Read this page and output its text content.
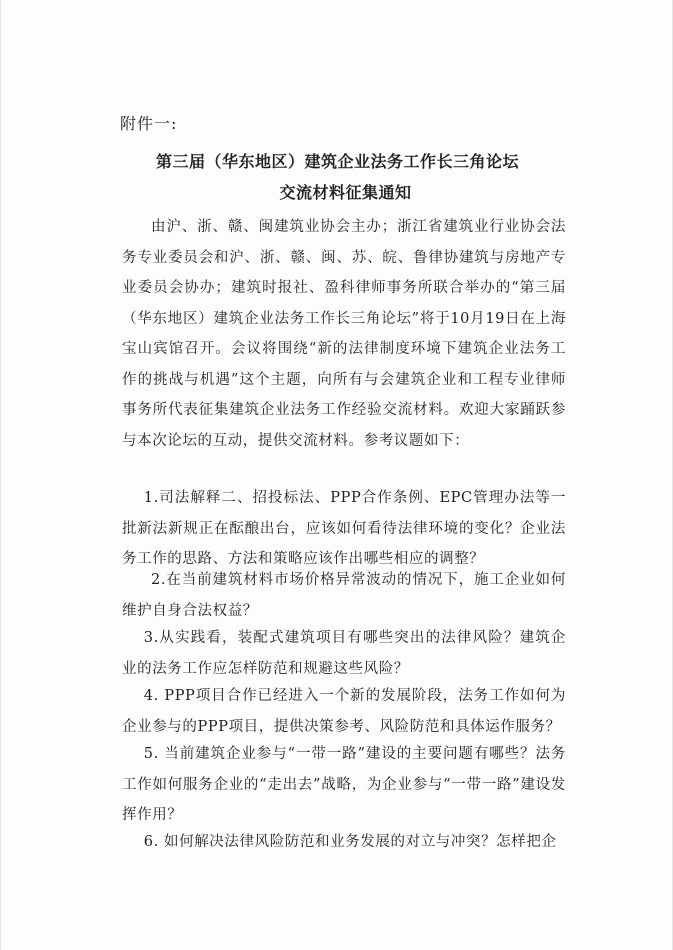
附件一:
第三届（华东地区）建筑企业法务工作长三角论坛
交流材料征集通知

由沪、浙、赣、闽建筑业协会主办；浙江省建筑业行业协会法务专业委员会和沪、浙、赣、闽、苏、皖、鲁律协建筑与房地产专业委员会协办；建筑时报社、盈科律师事务所联合举办的“第三届（华东地区）建筑企业法务工作长三角论坛”将于10月19日在上海宝山宾馆召开。会议将围绕“新的法律制度环境下建筑企业法务工作的挑战与机遇”这个主题，向所有与会建筑企业和工程专业律师事务所代表征集建筑企业法务工作经验交流材料。欢迎大家踊跃参与本次论坛的互动，提供交流材料。参考议题如下：

1.司法解释二、招投标法、PPP合作条例、EPC管理办法等一批新法新规正在酝酿出台，应该如何看待法律环境的变化？企业法务工作的思路、方法和策略应该作出哪些相应的调整？

2.在当前建筑材料市场价格异常波动的情况下，施工企业如何维护自身合法权益？

3.从实践看，装配式建筑项目有哪些突出的法律风险？建筑企业的法务工作应怎样防范和规避这些风险？

4. PPP项目合作已经进入一个新的发展阶段，法务工作如何为企业参与的PPP项目，提供决策参考、风险防范和具体运作服务？

5. 当前建筑企业参与“一带一路”建设的主要问题有哪些？法务工作如何服务企业的“走出去”战略，为企业参与“一带一路”建设发挥作用？

6. 如何解决法律风险防范和业务发展的对立与冲突？怎样把企
